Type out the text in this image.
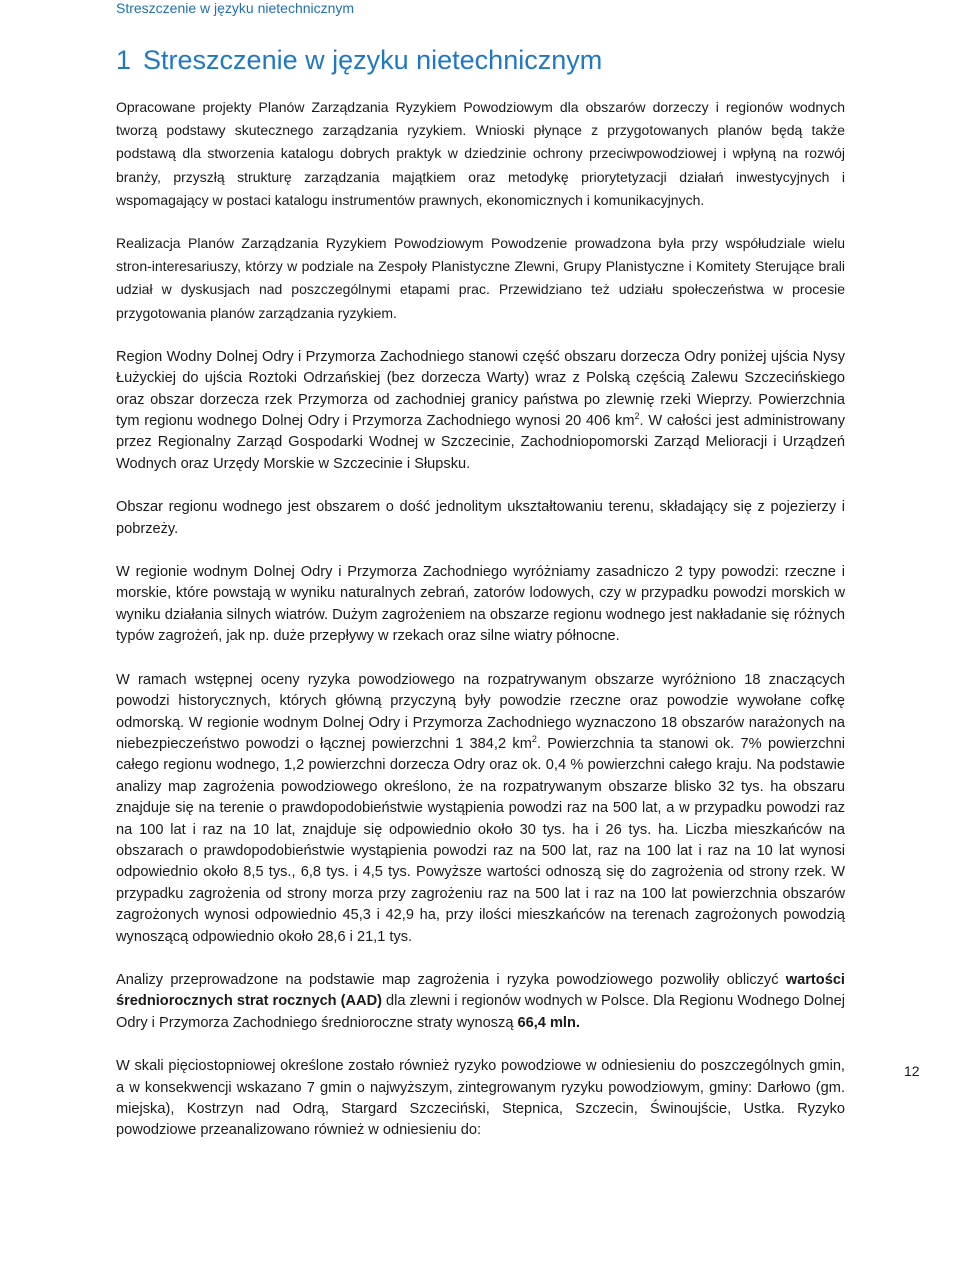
Streszczenie w języku nietechnicznym
1 Streszczenie w języku nietechnicznym

Opracowane projekty Planów Zarządzania Ryzykiem Powodziowym dla obszarów dorzeczy i regionów wodnych tworzą podstawy skutecznego zarządzania ryzykiem. Wnioski płynące z przygotowanych planów będą także podstawą dla stworzenia katalogu dobrych praktyk w dziedzinie ochrony przeciwpowodziowej i wpłyną na rozwój branży, przyszłą strukturę zarządzania majątkiem oraz metodykę priorytetyzacji działań inwestycyjnych i wspomagający w postaci katalogu instrumentów prawnych, ekonomicznych i komunikacyjnych.

Realizacja Planów Zarządzania Ryzykiem Powodziowym Powodzenie prowadzona była przy współudziale wielu stron-interesariuszy, którzy w podziale na Zespoły Planistyczne Zlewni, Grupy Planistyczne i Komitety Sterujące brali udział w dyskusjach nad poszczególnymi etapami prac. Przewidziano też udziału społeczeństwa w procesie przygotowania planów zarządzania ryzykiem.

Region Wodny Dolnej Odry i Przymorza Zachodniego stanowi część obszaru dorzecza Odry poniżej ujścia Nysy Łużyckiej do ujścia Roztoki Odrzańskiej (bez dorzecza Warty) wraz z Polską częścią Zalewu Szczecińskiego oraz obszar dorzecza rzek Przymorza od zachodniej granicy państwa po zlewnię rzeki Wieprzy. Powierzchnia tym regionu wodnego Dolnej Odry i Przymorza Zachodniego wynosi 20 406 $km^2$. W całości jest administrowany przez Regionalny Zarząd Gospodarki Wodnej w Szczecinie, Zachodniopomorski Zarząd Melioracji i Urządzeń Wodnych oraz Urzędy Morskie w Szczecinie i Słupsku.

Obszar regionu wodnego jest obszarem o dość jednolitym ukształtowaniu terenu, składający się z pojezierzy i pobrzeży.

W regionie wodnym Dolnej Odry i Przymorza Zachodniego wyróżniamy zasadniczo 2 typy powodzi: rzeczne i morskie, które powstają w wyniku naturalnych zebrań, zatorów lodowych, czy w przypadku powodzi morskich w wyniku działania silnych wiatrów. Dużym zagrożeniem na obszarze regionu wodnego jest nakładanie się różnych typów zagrożeń, jak np. duże przepływy w rzekach oraz silne wiatry północne.

W ramach wstępnej oceny ryzyka powodziowego na rozpatrywanym obszarze wyróżniono 18 znaczących powodzi historycznych, których główną przyczyną były powodzie rzeczne oraz powodzie wywołane cofkę odmorską. W regionie wodnym Dolnej Odry i Przymorza Zachodniego wyznaczono 18 obszarów narażonych na niebezpieczeństwo powodzi o łącznej powierzchni 1 384,2 $km^2$. Powierzchnia ta stanowi ok. 7% powierzchni całego regionu wodnego, 1,2 powierzchni dorzecza Odry oraz ok. 0,4 % powierzchni całego kraju. Na podstawie analizy map zagrożenia powodziowego określono, że na rozpatrywanym obszarze blisko 32 tys. ha obszaru znajduje się na terenie o prawdopodobieństwie wystąpienia powodzi raz na 500 lat, a w przypadku powodzi raz na 100 lat i raz na 10 lat, znajduje się odpowiednio około 30 tys. ha i 26 tys. ha. Liczba mieszkańców na obszarach o prawdopodobieństwie wystąpienia powodzi raz na 500 lat, raz na 100 lat i raz na 10 lat wynosi odpowiednio około 8,5 tys., 6,8 tys. i 4,5 tys. Powyższe wartości odnoszą się do zagrożenia od strony rzek. W przypadku zagrożenia od strony morza przy zagrożeniu raz na 500 lat i raz na 100 lat powierzchnia obszarów zagrożonych wynosi odpowiednio 45,3 i 42,9 ha, przy ilości mieszkańców na terenach zagrożonych powodzią wynoszącą odpowiednio około 28,6 i 21,1 tys.

Analizy przeprowadzone na podstawie map zagrożenia i ryzyka powodziowego pozwoliły obliczyć wartości średniorocznych strat rocznych (AAD) dla zlewni i regionów wodnych w Polsce. Dla Regionu Wodnego Dolnej Odry i Przymorza Zachodniego średnioroczne straty wynoszą 66,4 mln.

W skali pięciostopniowej określone zostało również ryzyko powodziowe w odniesieniu do poszczególnych gmin, a w konsekwencji wskazano 7 gmin o najwyższym, zintegrowanym ryzyku powodziowym, gminy: Darłowo (gm. miejska), Kostrzyn nad Odrą, Stargard Szczeciński, Stepnica, Szczecin, Świnoujście, Ustka. Ryzyko powodziowe przeanalizowano również w odniesieniu do:

12
